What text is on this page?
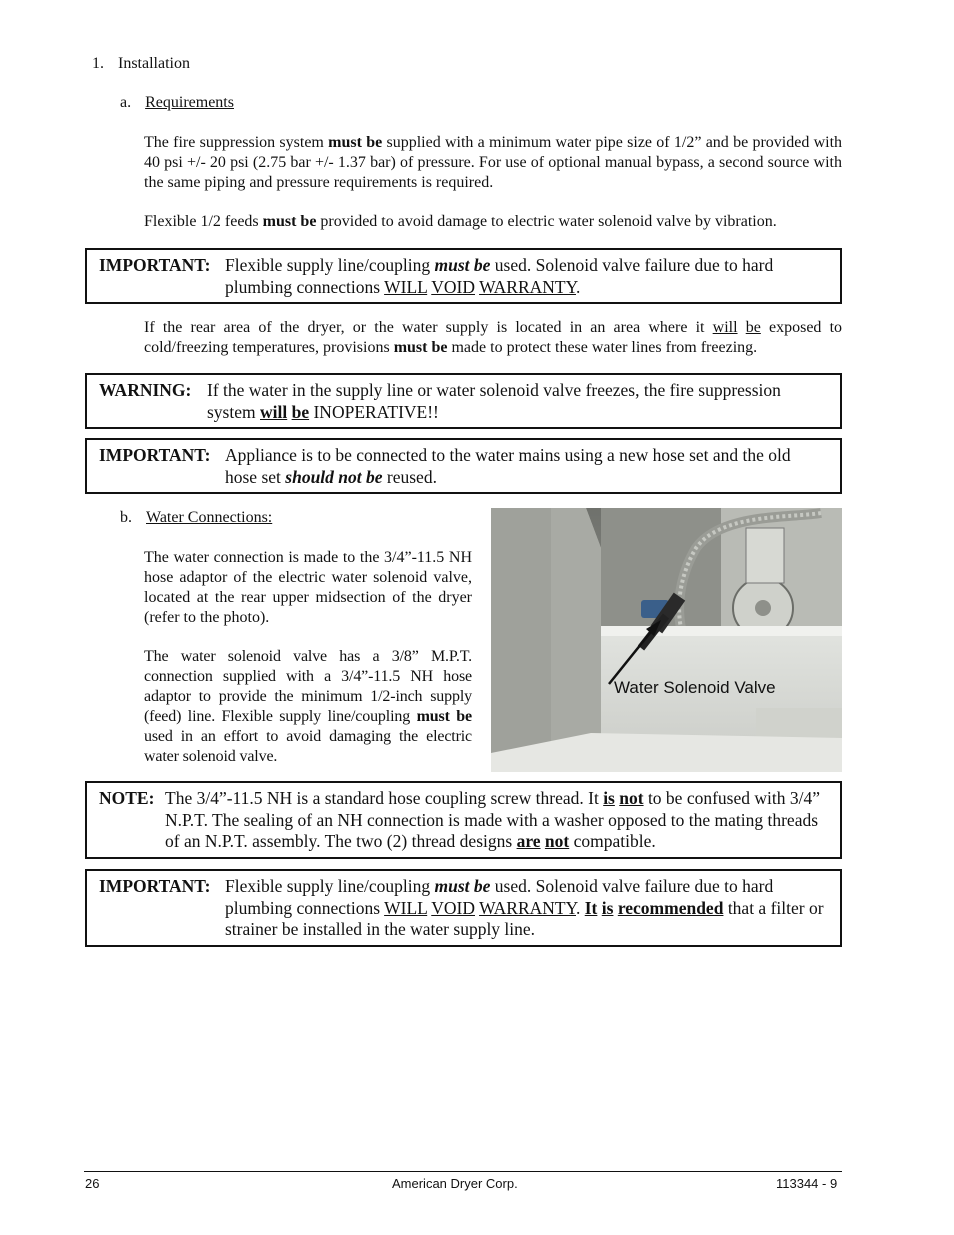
1. Installation
a. Requirements

The fire suppression system must be supplied with a minimum water pipe size of 1/2” and be provided with 40 psi +/- 20 psi (2.75 bar +/- 1.37 bar) of pressure. For use of optional manual bypass, a second source with the same piping and pressure requirements is required.

Flexible 1/2 feeds must be provided to avoid damage to electric water solenoid valve by vibration.

IMPORTANT: Flexible supply line/coupling must be used. Solenoid valve failure due to hard plumbing connections WILL VOID WARRANTY.

If the rear area of the dryer, or the water supply is located in an area where it will be exposed to cold/freezing temperatures, provisions must be made to protect these water lines from freezing.

WARNING: If the water in the supply line or water solenoid valve freezes, the fire suppression system will be INOPERATIVE!!
IMPORTANT: Appliance is to be connected to the water mains using a new hose set and the old hose set should not be reused.
b. Water Connections:

The water connection is made to the 3/4”-11.5 NH hose adaptor of the electric water solenoid valve, located at the rear upper midsection of the dryer (refer to the photo).

The water solenoid valve has a 3/8” M.P.T. connection supplied with a 3/4”-11.5 NH hose adaptor to provide the minimum 1/2-inch supply (feed) line. Flexible supply line/coupling must be used in an effort to avoid damaging the electric water solenoid valve.

Water Solenoid Valve
NOTE: The 3/4”-11.5 NH is a standard hose coupling screw thread. It is not to be confused with 3/4” N.P.T. The sealing of an NH connection is made with a washer opposed to the mating threads of an N.P.T. assembly. The two (2) thread designs are not compatible.
IMPORTANT: Flexible supply line/coupling must be used. Solenoid valve failure due to hard plumbing connections WILL VOID WARRANTY. It is recommended that a filter or strainer be installed in the water supply line.
26	American Dryer Corp.	113344 - 9
